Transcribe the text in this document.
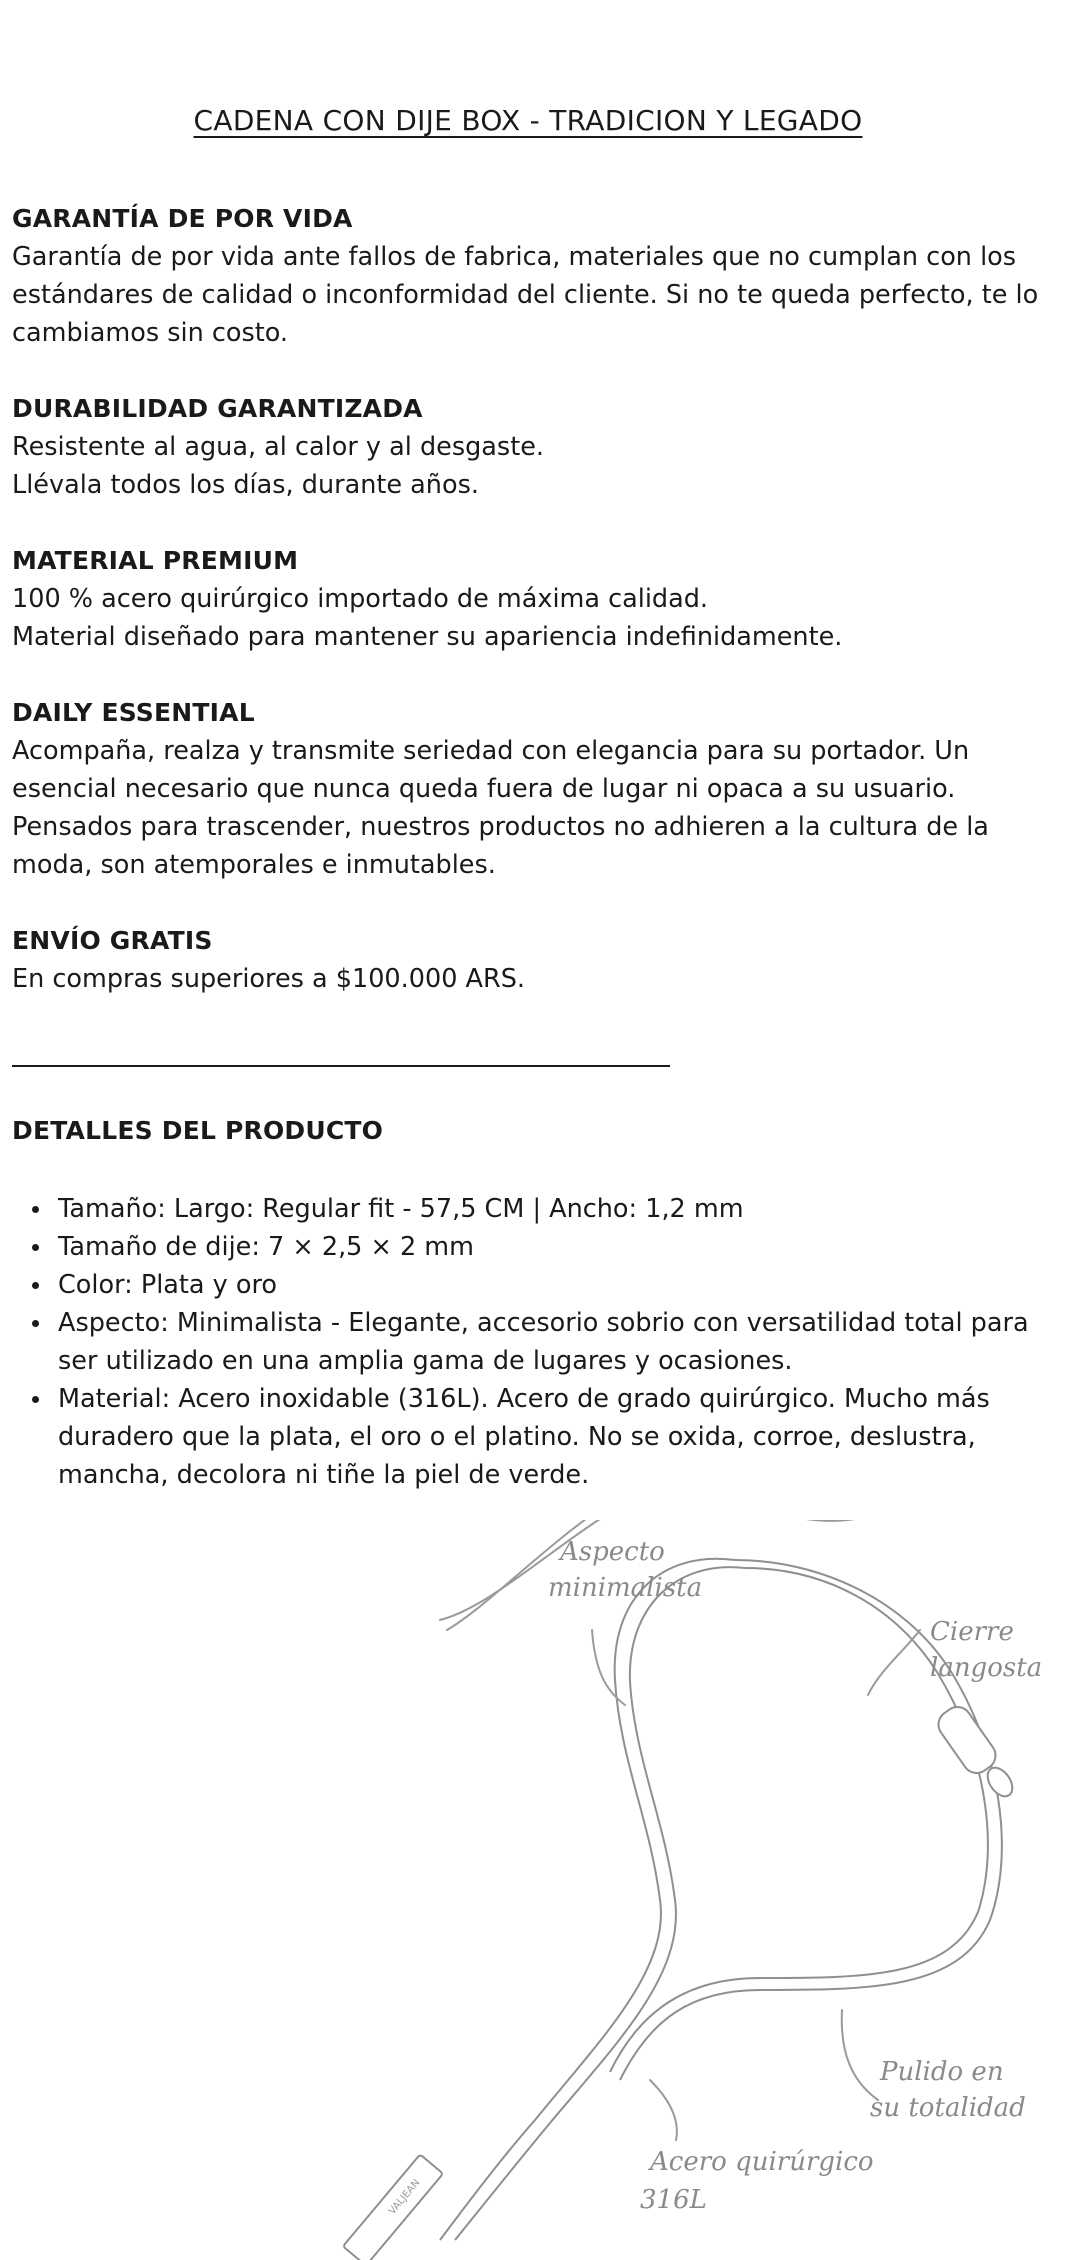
CADENA CON DIJE BOX - TRADICION Y LEGADO
GARANTÍA DE POR VIDA
Garantía de por vida ante fallos de fabrica, materiales que no cumplan con los
estándares de calidad o inconformidad del cliente. Si no te queda perfecto, te lo
cambiamos sin costo.
DURABILIDAD GARANTIZADA
Resistente al agua, al calor y al desgaste.
Llévala todos los días, durante años.
MATERIAL PREMIUM
100 % acero quirúrgico importado de máxima calidad.
Material diseñado para mantener su apariencia indefinidamente.
DAILY ESSENTIAL
Acompaña, realza y transmite seriedad con elegancia para su portador. Un
esencial necesario que nunca queda fuera de lugar ni opaca a su usuario.
Pensados para trascender, nuestros productos no adhieren a la cultura de la
moda, son atemporales e inmutables.
ENVÍO GRATIS
En compras superiores a $100.000 ARS.
DETALLES DEL PRODUCTO
Tamaño: Largo: Regular fit - 57,5 CM | Ancho: 1,2 mm
Tamaño de dije: 7 × 2,5 × 2 mm
Color: Plata y oro
Aspecto: Minimalista - Elegante, accesorio sobrio con versatilidad total para
ser utilizado en una amplia gama de lugares y ocasiones.
Material: Acero inoxidable (316L). Acero de grado quirúrgico. Mucho más
duradero que la plata, el oro o el platino. No se oxida, corroe, deslustra,
mancha, decolora ni tiñe la piel de verde.
Aspecto
minimalista
Cierre
langosta
Pulido en
su totalidad
Acero quirúrgico
316L
VALJEAN
